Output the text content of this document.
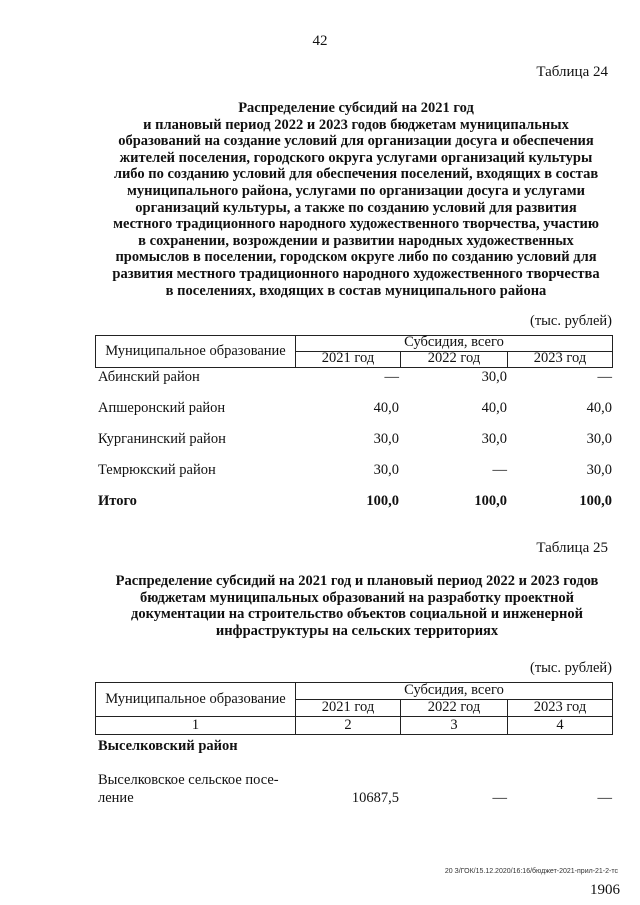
42
Таблица 24
Распределение субсидий на 2021 год
и плановый период 2022 и 2023 годов бюджетам муниципальных
образований на создание условий для организации досуга и обеспечения
жителей поселения, городского округа услугами организаций культуры
либо по созданию условий для обеспечения поселений, входящих в состав
муниципального района, услугами по организации досуга и услугами
организаций культуры, а также по созданию условий для развития
местного традиционного народного художественного творчества, участию
в сохранении, возрождении и развитии народных художественных
промыслов в поселении, городском округе либо по созданию условий для
развития местного традиционного народного художественного творчества
в поселениях, входящих в состав муниципального района
(тыс. рублей)
Муниципальное образование
Субсидия, всего
2021 год	2022 год	2023 год
Абинский район	—	30,0	—
Апшеронский район	40,0	40,0	40,0
Курганинский район	30,0	30,0	30,0
Темрюкский район	30,0	—	30,0
Итого	100,0	100,0	100,0
Таблица 25
Распределение субсидий на 2021 год и плановый период 2022 и 2023 годов
бюджетам муниципальных образований на разработку проектной
документации на строительство объектов социальной и инженерной
инфраструктуры на сельских территориях
(тыс. рублей)
Муниципальное образование
Субсидия, всего
2021 год	2022 год	2023 год
1	2	3	4
Выселковский район
Выселковское сельское посе-
ление	10687,5	—	—
20 З/ГОК/15.12.2020/16:16/бюджет-2021-прил-21-2-тс
1906
